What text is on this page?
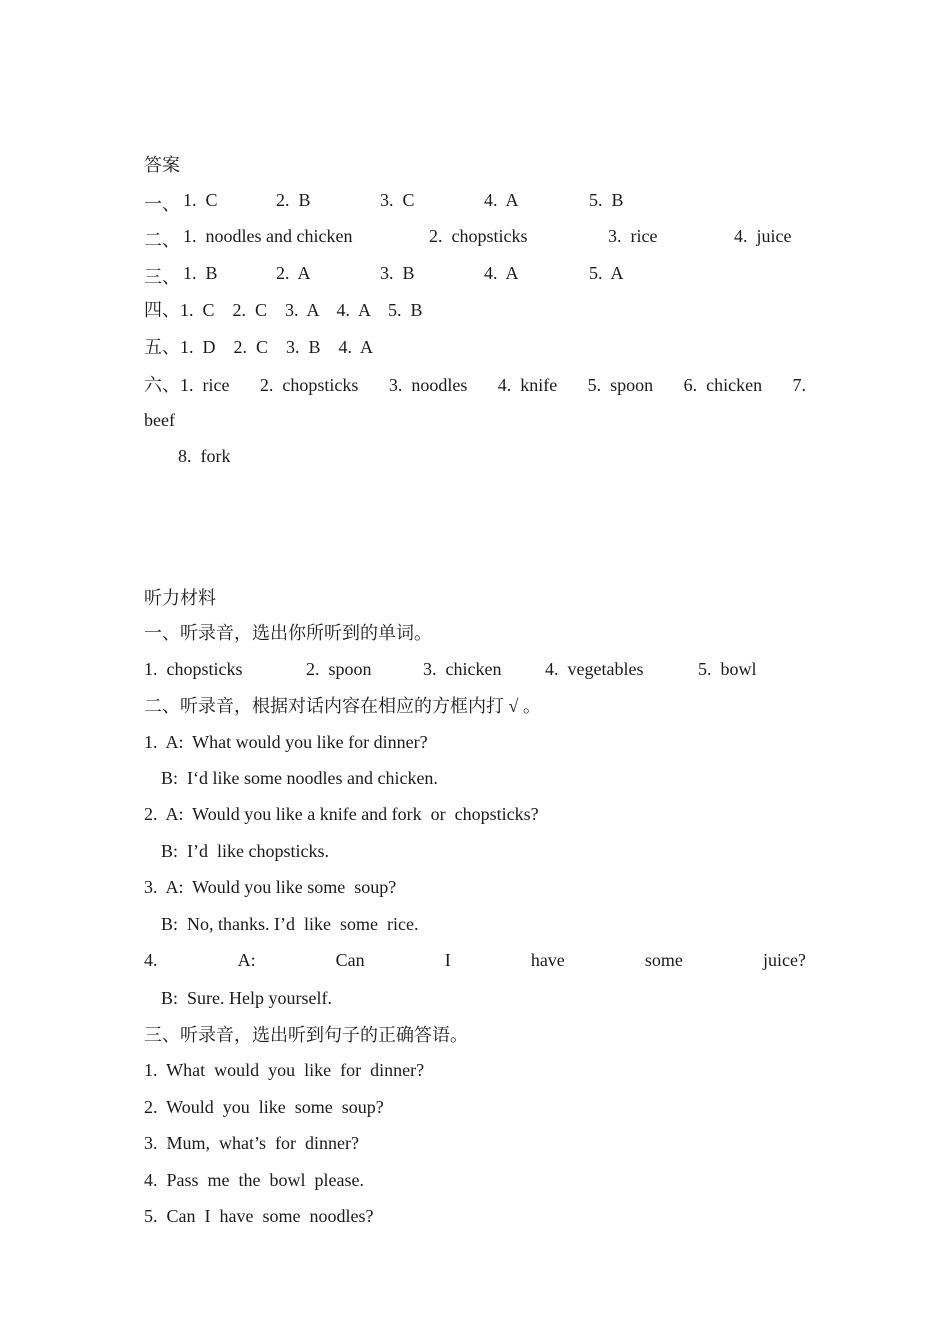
答案
一、 1.  C	2.  B	3.  C	4.  A	5.  B
二、 1.  noodles and chicken	2.  chopsticks	3.  rice	4.  juice
三、 1.  B	2.  A	3.  B	4.  A	5.  A
四、1.  C    2.  C    3.  A    4.  A    5.  B
五、1.  D    2.  C    3.  B    4.  A
六、1.  rice 2.  chopsticks 3.  noodles 4.  knife 5.  spoon 6.  chicken 7.
beef
8.  fork
听力材料
一、听录音，选出你所听到的单词。
1.  chopsticks	2.  spoon	3.  chicken 4.  vegetables	5.  bowl
二、听录音，根据对话内容在相应的方框内打 √ 。
1.  A:  What would you like for dinner?
B:  I‘d like some noodles and chicken.
2.  A:  Would you like a knife and fork  or  chopsticks?
B:  I’d  like chopsticks.
3.  A:  Would you like some  soup?
B:  No, thanks. I’d  like  some  rice.
4.	A:	Can	I	have	some	juice?
B:  Sure. Help yourself.
三、听录音，选出听到句子的正确答语。
1.  What  would  you  like  for  dinner?
2.  Would  you  like  some  soup?
3.  Mum,  what’s  for  dinner?
4.  Pass  me  the  bowl  please.
5.  Can  I  have  some  noodles?
